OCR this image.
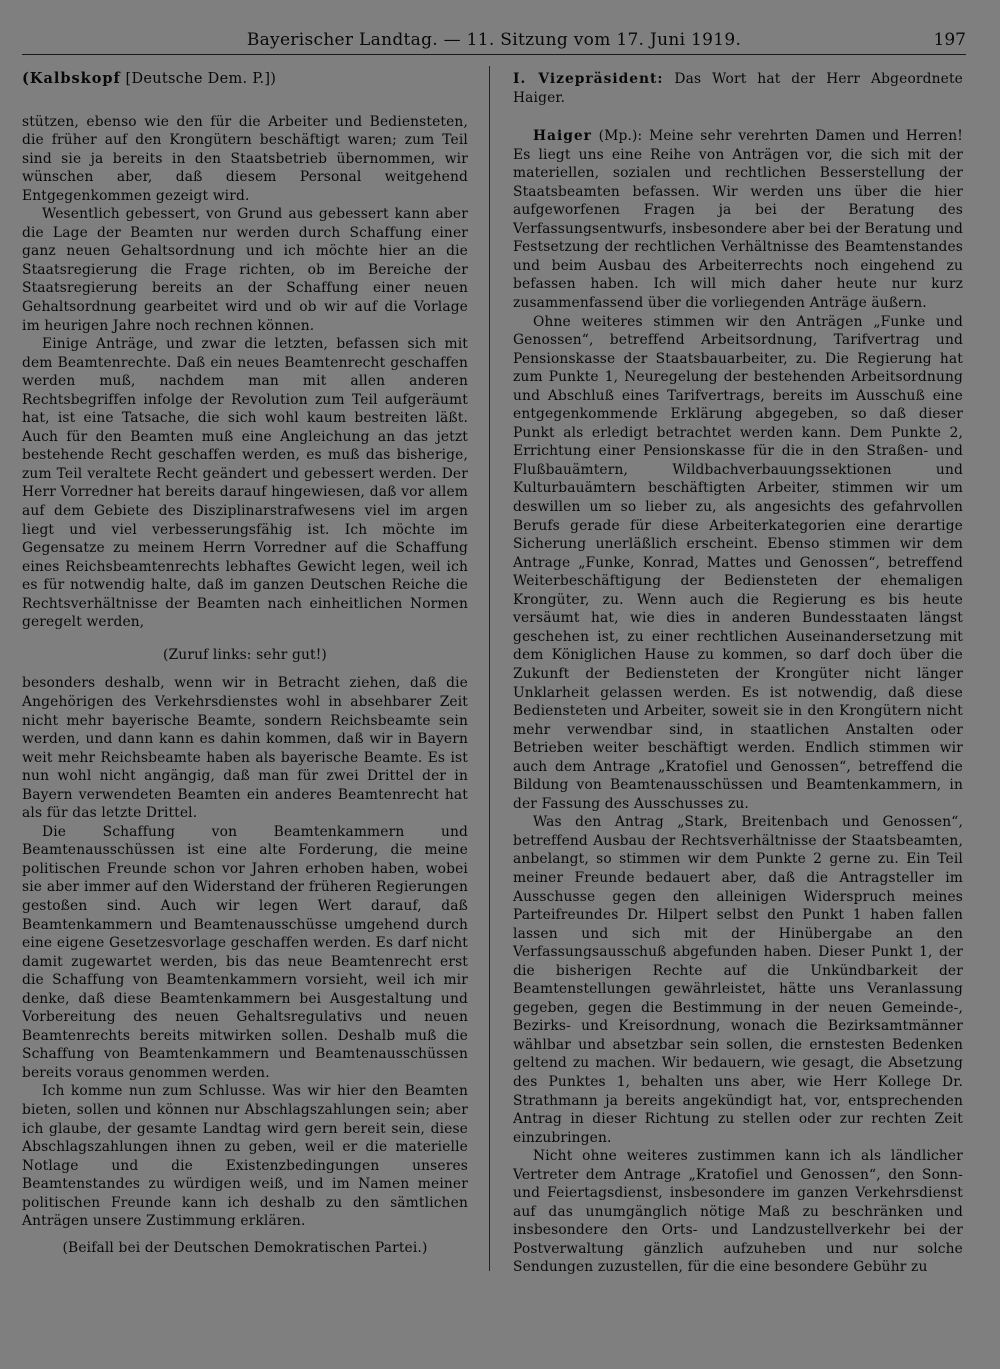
Bayerischer Landtag. — 11. Sitzung vom 17. Juni 1919.	197

(Kalbskopf [Deutsche Dem. P.])

stützen, ebenso wie den für die Arbeiter und Bediensteten, die früher auf den Krongütern beschäftigt waren; zum Teil sind sie ja bereits in den Staatsbetrieb übernommen, wir wünschen aber, daß diesem Personal weitgehend Entgegenkommen gezeigt wird.

Wesentlich gebessert, von Grund aus gebessert kann aber die Lage der Beamten nur werden durch Schaffung einer ganz neuen Gehaltsordnung und ich möchte hier an die Staatsregierung die Frage richten, ob im Bereiche der Staatsregierung bereits an der Schaffung einer neuen Gehaltsordnung gearbeitet wird und ob wir auf die Vorlage im heurigen Jahre noch rechnen können.

Einige Anträge, und zwar die letzten, befassen sich mit dem Beamtenrechte. Daß ein neues Beamtenrecht geschaffen werden muß, nachdem man mit allen anderen Rechtsbegriffen infolge der Revolution zum Teil aufgeräumt hat, ist eine Tatsache, die sich wohl kaum bestreiten läßt. Auch für den Beamten muß eine Angleichung an das jetzt bestehende Recht geschaffen werden, es muß das bisherige, zum Teil veraltete Recht geändert und gebessert werden. Der Herr Vorredner hat bereits darauf hingewiesen, daß vor allem auf dem Gebiete des Disziplinarstrafwesens viel im argen liegt und viel verbesserungsfähig ist. Ich möchte im Gegensatze zu meinem Herrn Vorredner auf die Schaffung eines Reichsbeamtenrechts lebhaftes Gewicht legen, weil ich es für notwendig halte, daß im ganzen Deutschen Reiche die Rechtsverhältnisse der Beamten nach einheitlichen Normen geregelt werden,

(Zuruf links: sehr gut!)

besonders deshalb, wenn wir in Betracht ziehen, daß die Angehörigen des Verkehrsdienstes wohl in absehbarer Zeit nicht mehr bayerische Beamte, sondern Reichsbeamte sein werden, und dann kann es dahin kommen, daß wir in Bayern weit mehr Reichsbeamte haben als bayerische Beamte. Es ist nun wohl nicht angängig, daß man für zwei Drittel der in Bayern verwendeten Beamten ein anderes Beamtenrecht hat als für das letzte Drittel.

Die Schaffung von Beamtenkammern und Beamtenausschüssen ist eine alte Forderung, die meine politischen Freunde schon vor Jahren erhoben haben, wobei sie aber immer auf den Widerstand der früheren Regierungen gestoßen sind. Auch wir legen Wert darauf, daß Beamtenkammern und Beamtenausschüsse umgehend durch eine eigene Gesetzesvorlage geschaffen werden. Es darf nicht damit zugewartet werden, bis das neue Beamtenrecht erst die Schaffung von Beamtenkammern vorsieht, weil ich mir denke, daß diese Beamtenkammern bei Ausgestaltung und Vorbereitung des neuen Gehaltsregulativs und neuen Beamtenrechts bereits mitwirken sollen. Deshalb muß die Schaffung von Beamtenkammern und Beamtenausschüssen bereits voraus genommen werden.

Ich komme nun zum Schlusse. Was wir hier den Beamten bieten, sollen und können nur Abschlagszahlungen sein; aber ich glaube, der gesamte Landtag wird gern bereit sein, diese Abschlagszahlungen ihnen zu geben, weil er die materielle Notlage und die Existenzbedingungen unseres Beamtenstandes zu würdigen weiß, und im Namen meiner politischen Freunde kann ich deshalb zu den sämtlichen Anträgen unsere Zustimmung erklären.

(Beifall bei der Deutschen Demokratischen Partei.)

I. Vizepräsident: Das Wort hat der Herr Abgeordnete Haiger.

Haiger (Mp.): Meine sehr verehrten Damen und Herren! Es liegt uns eine Reihe von Anträgen vor, die sich mit der materiellen, sozialen und rechtlichen Besserstellung der Staatsbeamten befassen. Wir werden uns über die hier aufgeworfenen Fragen ja bei der Beratung des Verfassungsentwurfs, insbesondere aber bei der Beratung und Festsetzung der rechtlichen Verhältnisse des Beamtenstandes und beim Ausbau des Arbeiterrechts noch eingehend zu befassen haben. Ich will mich daher heute nur kurz zusammenfassend über die vorliegenden Anträge äußern.

Ohne weiteres stimmen wir den Anträgen „Funke und Genossen“, betreffend Arbeitsordnung, Tarifvertrag und Pensionskasse der Staatsbauarbeiter, zu. Die Regierung hat zum Punkte 1, Neuregelung der bestehenden Arbeitsordnung und Abschluß eines Tarifvertrags, bereits im Ausschuß eine entgegenkommende Erklärung abgegeben, so daß dieser Punkt als erledigt betrachtet werden kann. Dem Punkte 2, Errichtung einer Pensionskasse für die in den Straßen- und Flußbauämtern, Wildbachverbauungssektionen und Kulturbauämtern beschäftigten Arbeiter, stimmen wir um deswillen um so lieber zu, als angesichts des gefahrvollen Berufs gerade für diese Arbeiterkategorien eine derartige Sicherung unerläßlich erscheint. Ebenso stimmen wir dem Antrage „Funke, Konrad, Mattes und Genossen“, betreffend Weiterbeschäftigung der Bediensteten der ehemaligen Krongüter, zu. Wenn auch die Regierung es bis heute versäumt hat, wie dies in anderen Bundesstaaten längst geschehen ist, zu einer rechtlichen Auseinandersetzung mit dem Königlichen Hause zu kommen, so darf doch über die Zukunft der Bediensteten der Krongüter nicht länger Unklarheit gelassen werden. Es ist notwendig, daß diese Bediensteten und Arbeiter, soweit sie in den Krongütern nicht mehr verwendbar sind, in staatlichen Anstalten oder Betrieben weiter beschäftigt werden. Endlich stimmen wir auch dem Antrage „Kratofiel und Genossen“, betreffend die Bildung von Beamtenausschüssen und Beamtenkammern, in der Fassung des Ausschusses zu.

Was den Antrag „Stark, Breitenbach und Genossen“, betreffend Ausbau der Rechtsverhältnisse der Staatsbeamten, anbelangt, so stimmen wir dem Punkte 2 gerne zu. Ein Teil meiner Freunde bedauert aber, daß die Antragsteller im Ausschusse gegen den alleinigen Widerspruch meines Parteifreundes Dr. Hilpert selbst den Punkt 1 haben fallen lassen und sich mit der Hinübergabe an den Verfassungsausschuß abgefunden haben. Dieser Punkt 1, der die bisherigen Rechte auf die Unkündbarkeit der Beamtenstellungen gewährleistet, hätte uns Veranlassung gegeben, gegen die Bestimmung in der neuen Gemeinde-, Bezirks- und Kreisordnung, wonach die Bezirksamtmänner wählbar und absetzbar sein sollen, die ernstesten Bedenken geltend zu machen. Wir bedauern, wie gesagt, die Absetzung des Punktes 1, behalten uns aber, wie Herr Kollege Dr. Strathmann ja bereits angekündigt hat, vor, entsprechenden Antrag in dieser Richtung zu stellen oder zur rechten Zeit einzubringen.

Nicht ohne weiteres zustimmen kann ich als ländlicher Vertreter dem Antrage „Kratofiel und Genossen“, den Sonn- und Feiertagsdienst, insbesondere im ganzen Verkehrsdienst auf das unumgänglich nötige Maß zu beschränken und insbesondere den Orts- und Landzustellverkehr bei der Postverwaltung gänzlich aufzuheben und nur solche Sendungen zuzustellen, für die eine besondere Gebühr zu
